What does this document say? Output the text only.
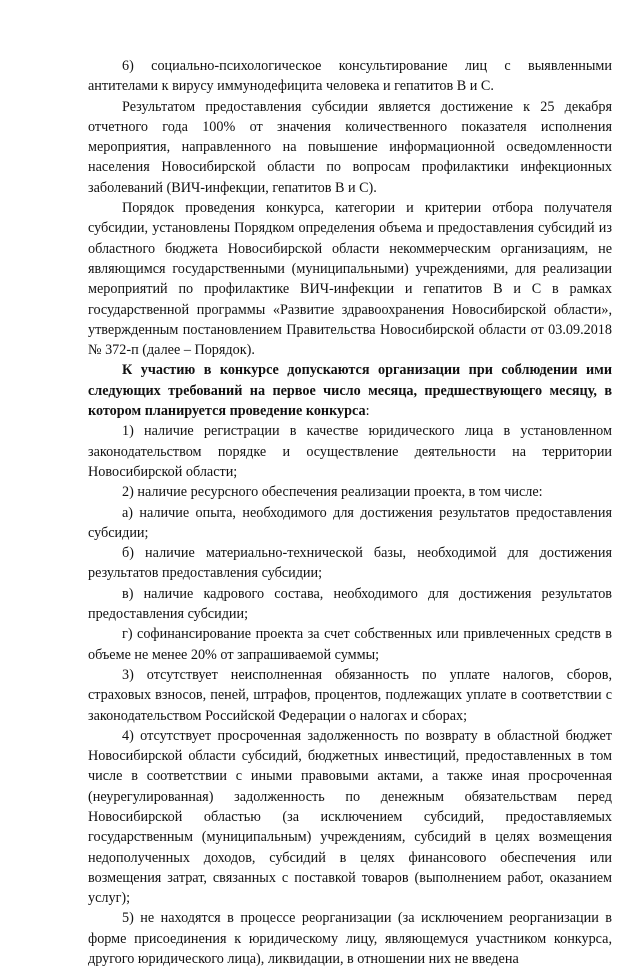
6) социально-психологическое консультирование лиц с выявленными антителами к вирусу иммунодефицита человека и гепатитов В и С.

Результатом предоставления субсидии является достижение к 25 декабря отчетного года 100% от значения количественного показателя исполнения мероприятия, направленного на повышение информационной осведомленности населения Новосибирской области по вопросам профилактики инфекционных заболеваний (ВИЧ-инфекции, гепатитов В и С).

Порядок проведения конкурса, категории и критерии отбора получателя субсидии, установлены Порядком определения объема и предоставления субсидий из областного бюджета Новосибирской области некоммерческим организациям, не являющимся государственными (муниципальными) учреждениями, для реализации мероприятий по профилактике ВИЧ-инфекции и гепатитов В и С в рамках государственной программы «Развитие здравоохранения Новосибирской области», утвержденным постановлением Правительства Новосибирской области от 03.09.2018 № 372-п (далее – Порядок).

К участию в конкурсе допускаются организации при соблюдении ими следующих требований на первое число месяца, предшествующего месяцу, в котором планируется проведение конкурса:

1) наличие регистрации в качестве юридического лица в установленном законодательством порядке и осуществление деятельности на территории Новосибирской области;

2) наличие ресурсного обеспечения реализации проекта, в том числе:

а) наличие опыта, необходимого для достижения результатов предоставления субсидии;

б) наличие материально-технической базы, необходимой для достижения результатов предоставления субсидии;

в) наличие кадрового состава, необходимого для достижения результатов предоставления субсидии;

г) софинансирование проекта за счет собственных или привлеченных средств в объеме не менее 20% от запрашиваемой суммы;

3) отсутствует неисполненная обязанность по уплате налогов, сборов, страховых взносов, пеней, штрафов, процентов, подлежащих уплате в соответствии с законодательством Российской Федерации о налогах и сборах;

4) отсутствует просроченная задолженность по возврату в областной бюджет Новосибирской области субсидий, бюджетных инвестиций, предоставленных в том числе в соответствии с иными правовыми актами, а также иная просроченная (неурегулированная) задолженность по денежным обязательствам перед Новосибирской областью (за исключением субсидий, предоставляемых государственным (муниципальным) учреждениям, субсидий в целях возмещения недополученных доходов, субсидий в целях финансового обеспечения или возмещения затрат, связанных с поставкой товаров (выполнением работ, оказанием услуг);

5) не находятся в процессе реорганизации (за исключением реорганизации в форме присоединения к юридическому лицу, являющемуся участником конкурса, другого юридического лица), ликвидации, в отношении них не введена
